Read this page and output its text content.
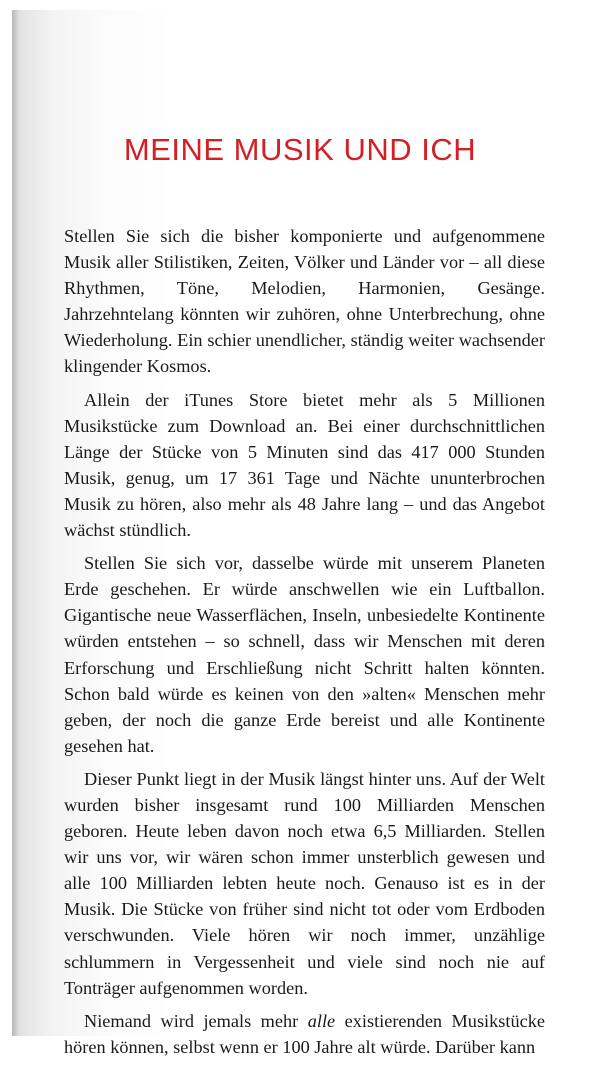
MEINE MUSIK UND ICH

Stellen Sie sich die bisher komponierte und aufgenommene Musik aller Stilistiken, Zeiten, Völker und Länder vor – all diese Rhythmen, Töne, Melodien, Harmonien, Gesänge. Jahrzehntelang könnten wir zuhören, ohne Unterbrechung, ohne Wiederholung. Ein schier unendlicher, ständig weiter wachsender klingender Kosmos.

Allein der iTunes Store bietet mehr als 5 Millionen Musikstücke zum Download an. Bei einer durchschnittlichen Länge der Stücke von 5 Minuten sind das 417 000 Stunden Musik, genug, um 17 361 Tage und Nächte ununterbrochen Musik zu hören, also mehr als 48 Jahre lang – und das Angebot wächst stündlich.

Stellen Sie sich vor, dasselbe würde mit unserem Planeten Erde geschehen. Er würde anschwellen wie ein Luftballon. Gigantische neue Wasserflächen, Inseln, unbesiedelte Kontinente würden entstehen – so schnell, dass wir Menschen mit deren Erforschung und Erschließung nicht Schritt halten könnten. Schon bald würde es keinen von den »alten« Menschen mehr geben, der noch die ganze Erde bereist und alle Kontinente gesehen hat.

Dieser Punkt liegt in der Musik längst hinter uns. Auf der Welt wurden bisher insgesamt rund 100 Milliarden Menschen geboren. Heute leben davon noch etwa 6,5 Milliarden. Stellen wir uns vor, wir wären schon immer unsterblich gewesen und alle 100 Milliarden lebten heute noch. Genauso ist es in der Musik. Die Stücke von früher sind nicht tot oder vom Erdboden verschwunden. Viele hören wir noch immer, unzählige schlummern in Vergessenheit und viele sind noch nie auf Tonträger aufgenommen worden.

Niemand wird jemals mehr alle existierenden Musikstücke hören können, selbst wenn er 100 Jahre alt würde. Darüber kann
